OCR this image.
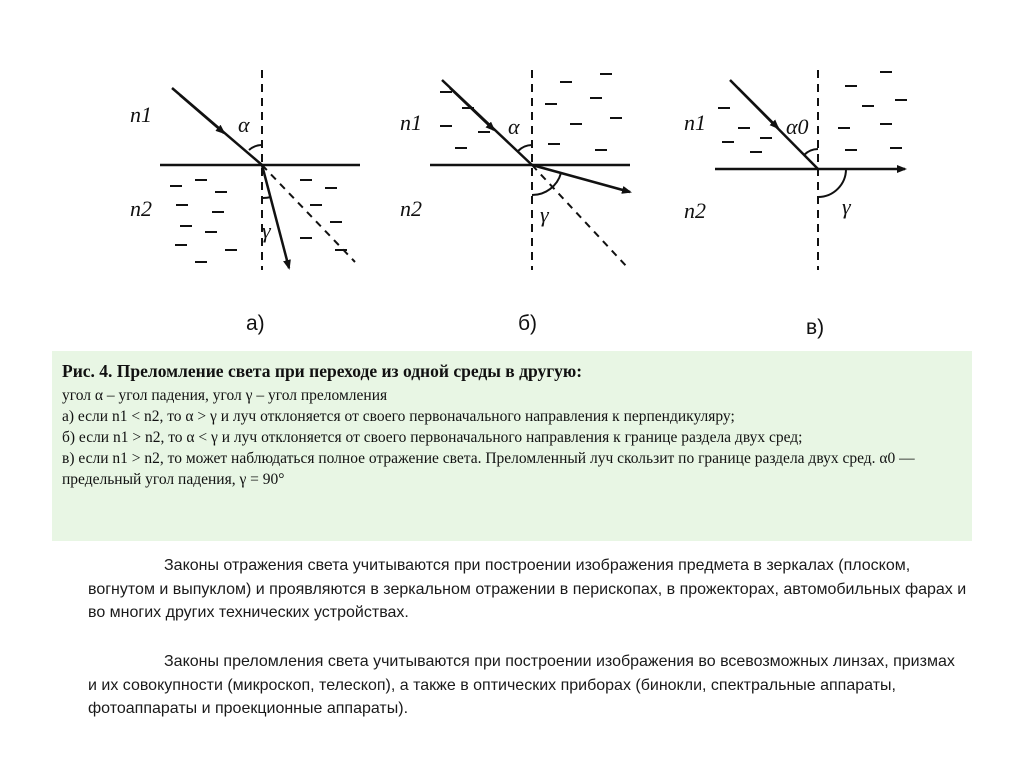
n1
n2
α
γ
а)
n1
n2
α
γ
б)
n1
n2
α0
γ
в)
Рис. 4. Преломление света при переходе из одной среды в другую:
угол α – угол падения, угол γ – угол преломления
а) если n1 < n2, то α > γ и луч отклоняется от своего первоначального направления к перпендикуляру;
б) если n1 > n2, то α < γ и луч отклоняется от своего первоначального направления к границе раздела двух сред;
в) если n1 > n2, то может наблюдаться полное отражение света. Преломленный луч скользит по границе раздела двух сред. α0 — предельный угол падения, γ = 90°
Законы отражения света учитываются при построении изображения предмета в зеркалах (плоском, вогнутом и выпуклом) и проявляются в зеркальном отражении в перископах, в прожекторах, автомобильных фарах и во многих других технических устройствах.
Законы преломления света учитываются при построении изображения во всевозможных линзах, призмах и их совокупности (микроскоп, телескоп), а также в оптических приборах (бинокли, спектральные аппараты, фотоаппараты и проекционные аппараты).
